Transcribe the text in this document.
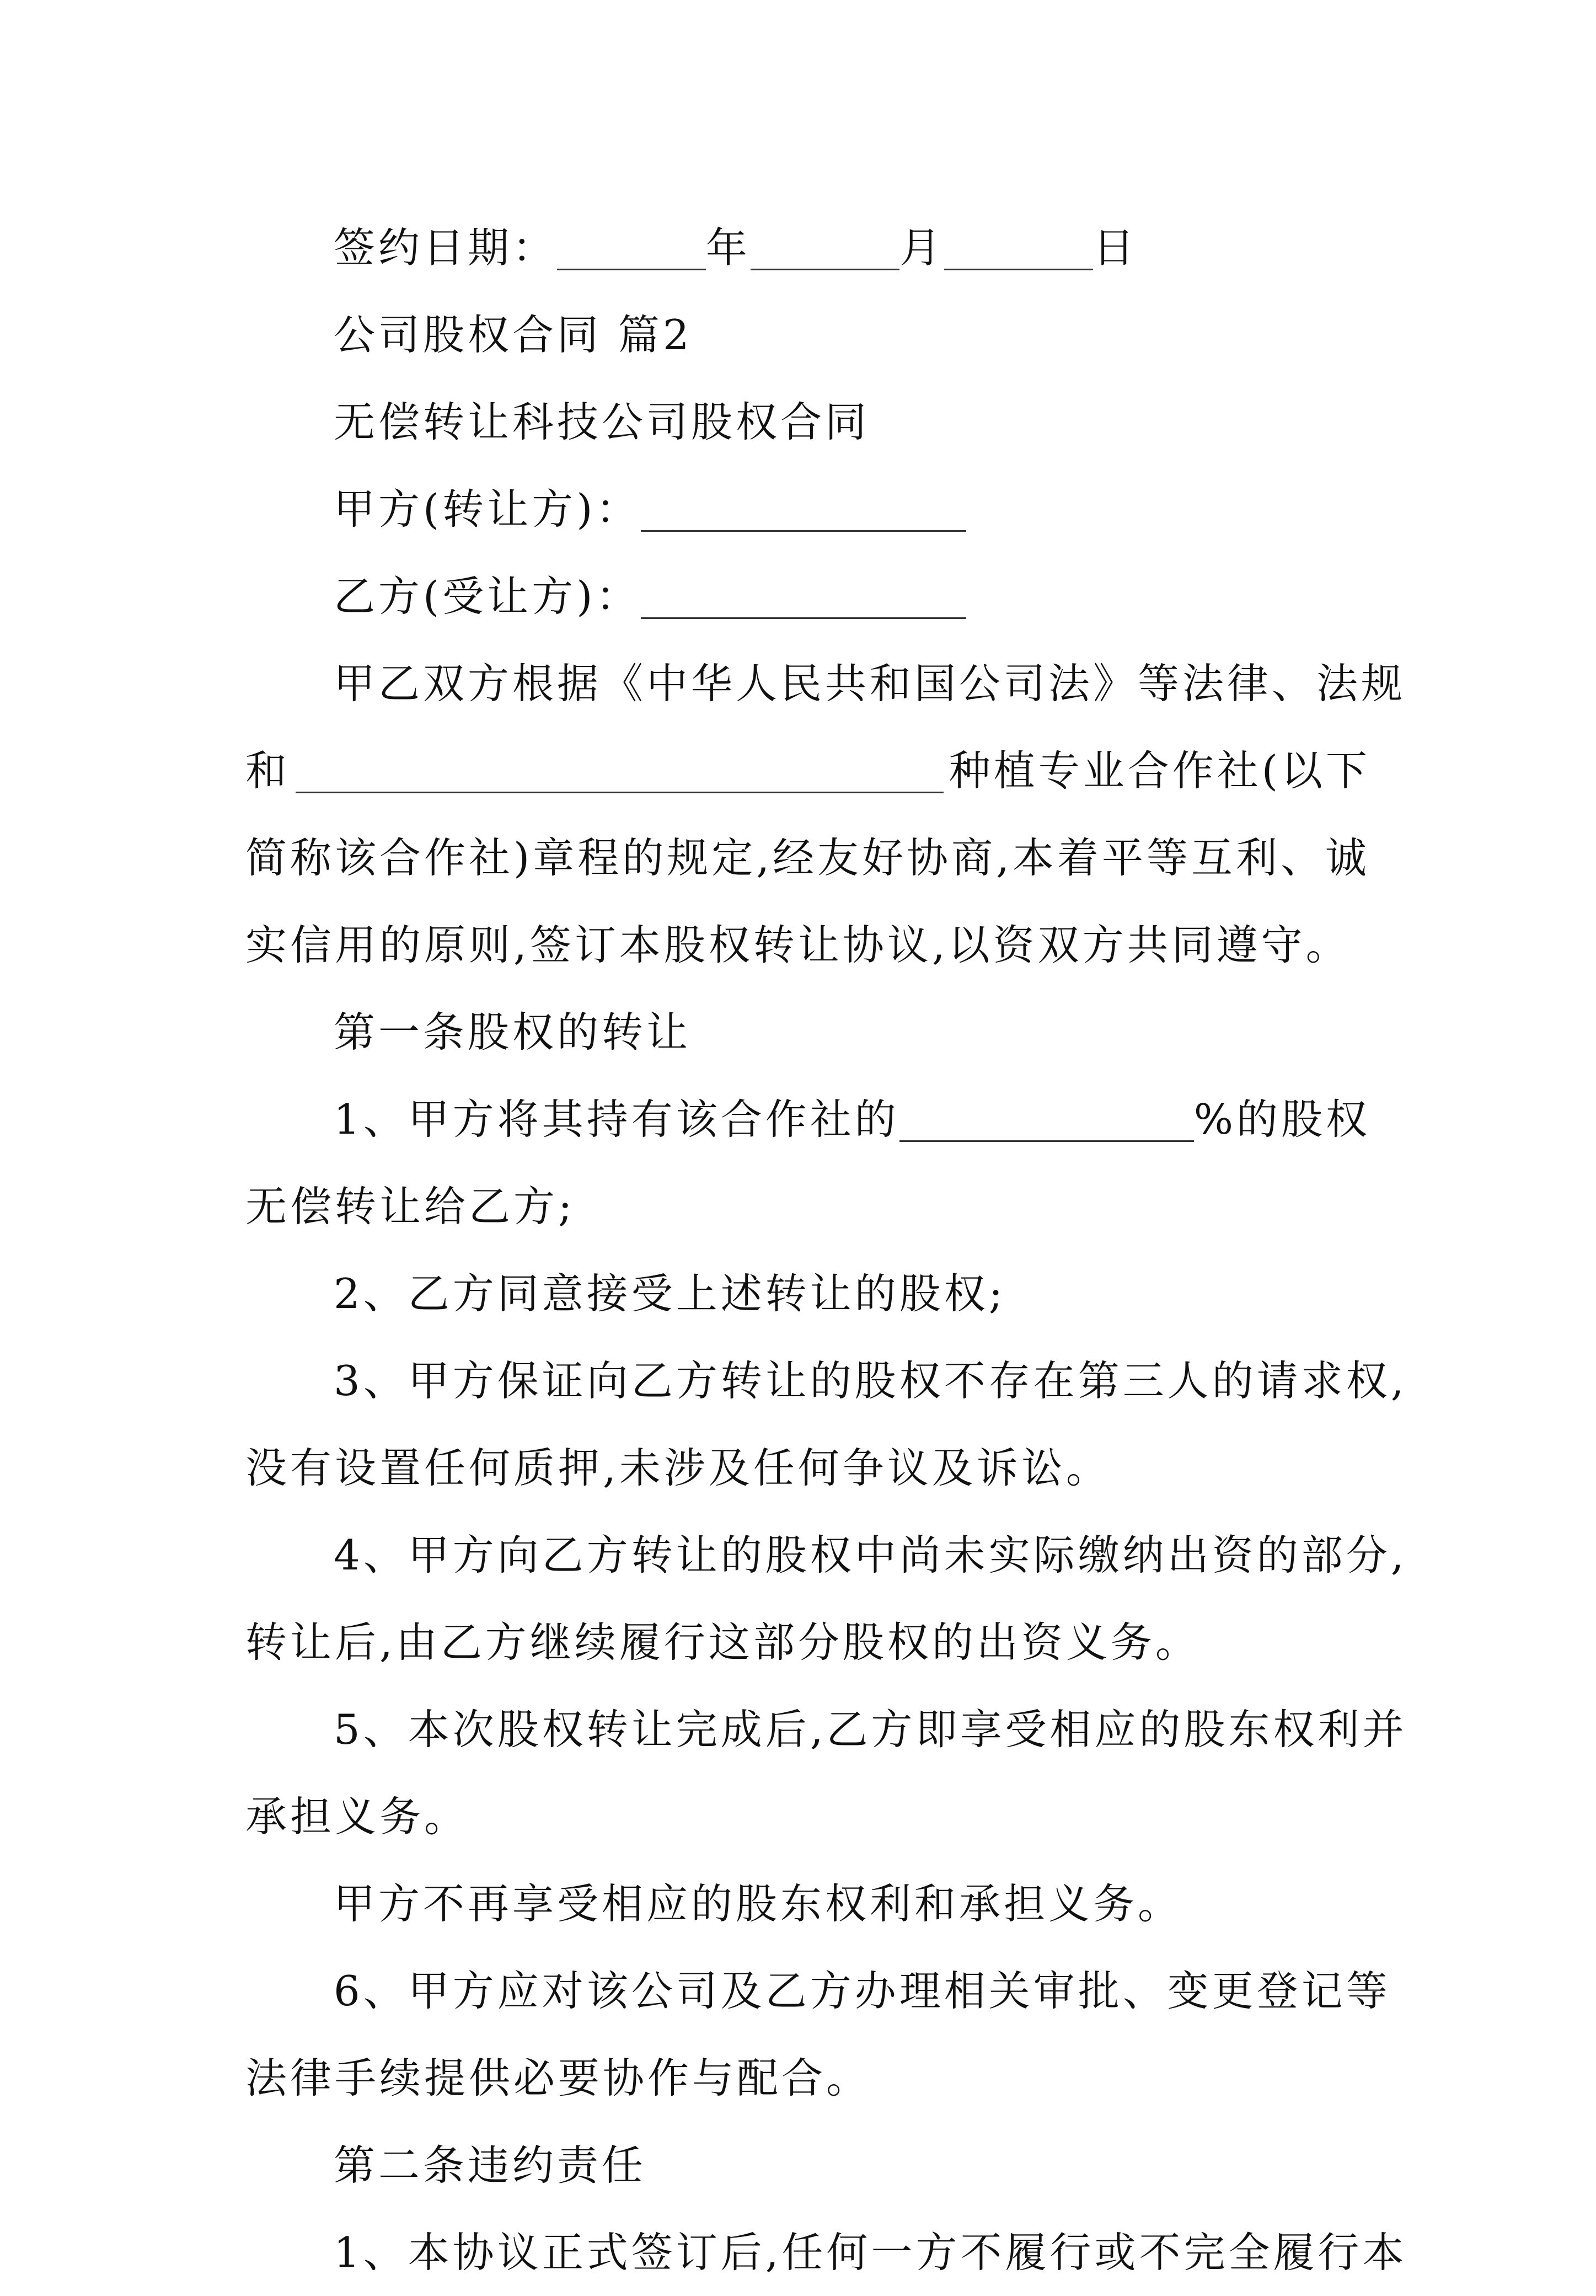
签约日期：	年	月	日
公司股权合同 篇2
无偿转让科技公司股权合同
甲方(转让方)：
乙方(受让方)：
甲乙双方根据《中华人民共和国公司法》等法律、法规
和	种植专业合作社(以下
简称该合作社)章程的规定,经友好协商,本着平等互利、诚
实信用的原则,签订本股权转让协议,以资双方共同遵守。
第一条股权的转让
1、甲方将其持有该合作社的	%的股权
无偿转让给乙方;
2、乙方同意接受上述转让的股权;
3、甲方保证向乙方转让的股权不存在第三人的请求权,
没有设置任何质押,未涉及任何争议及诉讼。
4、甲方向乙方转让的股权中尚未实际缴纳出资的部分,
转让后,由乙方继续履行这部分股权的出资义务。
5、本次股权转让完成后,乙方即享受相应的股东权利并
承担义务。
甲方不再享受相应的股东权利和承担义务。
6、甲方应对该公司及乙方办理相关审批、变更登记等
法律手续提供必要协作与配合。
第二条违约责任
1、本协议正式签订后,任何一方不履行或不完全履行本
